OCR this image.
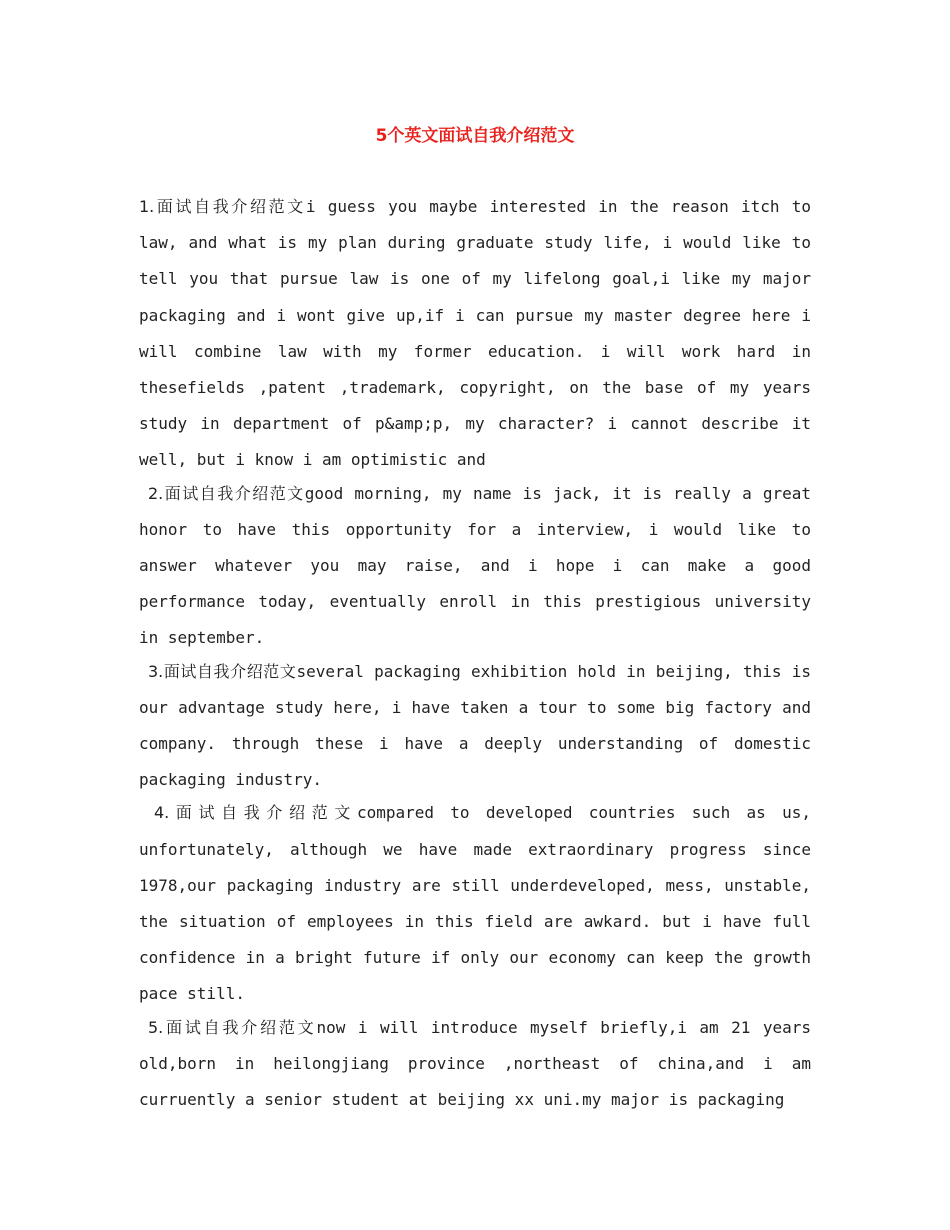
5个英文面试自我介绍范文

1.面试自我介绍范文i guess you maybe interested in the reason itch to law, and what is my plan during graduate study life, i would like to tell you that pursue law is one of my lifelong goal,i like my major packaging and i wont give up,if i can pursue my master degree here i will combine law with my former education. i will work hard in thesefields ,patent ,trademark, copyright, on the base of my years study in department of p&amp;p, my character? i cannot describe it well, but i know i am optimistic and

2.面试自我介绍范文good morning, my name is jack, it is really a great honor to have this opportunity for a interview, i would like to answer whatever you may raise, and i hope i can make a good performance today, eventually enroll in this prestigious university in september.

3.面试自我介绍范文several packaging exhibition hold in beijing, this is our advantage study here, i have taken a tour to some big factory and company. through these i have a deeply understanding of domestic packaging industry.

4.面试自我介绍范文compared to developed countries such as us, unfortunately, although we have made extraordinary progress since 1978,our packaging industry are still underdeveloped, mess, unstable, the situation of employees in this field are awkard. but i have full confidence in a bright future if only our economy can keep the growth pace still.

5.面试自我介绍范文now i will introduce myself briefly,i am 21 years old,born in heilongjiang province ,northeast of china,and i am curruently a senior student at beijing xx uni.my major is packaging
